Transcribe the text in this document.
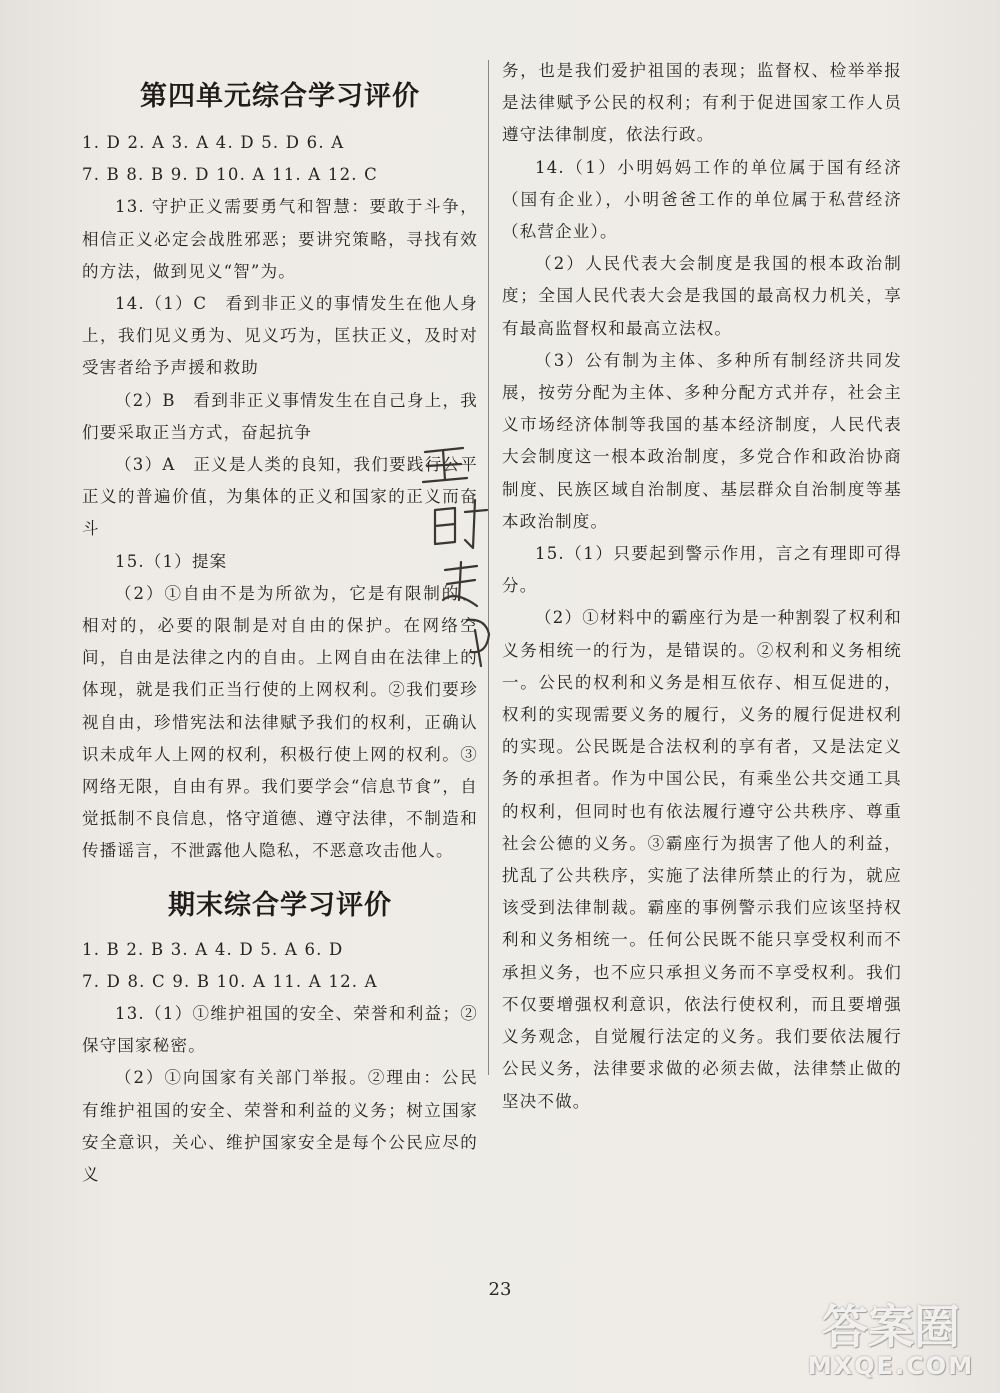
第四单元综合学习评价

1. D 2. A 3. A 4. D 5. D 6. A

7. B 8. B 9. D 10. A 11. A 12. C

13. 守护正义需要勇气和智慧：要敢于斗争，相信正义必定会战胜邪恶；要讲究策略，寻找有效的方法，做到见义“智”为。

14.（1）C　看到非正义的事情发生在他人身上，我们见义勇为、见义巧为，匡扶正义，及时对受害者给予声援和救助

（2）B　看到非正义事情发生在自己身上，我们要采取正当方式，奋起抗争

（3）A　正义是人类的良知，我们要践行公平正义的普遍价值，为集体的正义和国家的正义而奋斗

15.（1）提案

（2）①自由不是为所欲为，它是有限制的、相对的，必要的限制是对自由的保护。在网络空间，自由是法律之内的自由。上网自由在法律上的体现，就是我们正当行使的上网权利。②我们要珍视自由，珍惜宪法和法律赋予我们的权利，正确认识未成年人上网的权利，积极行使上网的权利。③网络无限，自由有界。我们要学会“信息节食”，自觉抵制不良信息，恪守道德、遵守法律，不制造和传播谣言，不泄露他人隐私，不恶意攻击他人。

期末综合学习评价

1. B 2. B 3. A 4. D 5. A 6. D

7. D 8. C 9. B 10. A 11. A 12. A

13.（1）①维护祖国的安全、荣誉和利益；②保守国家秘密。

（2）①向国家有关部门举报。②理由：公民有维护祖国的安全、荣誉和利益的义务；树立国家安全意识，关心、维护国家安全是每个公民应尽的义

务，也是我们爱护祖国的表现；监督权、检举举报是法律赋予公民的权利；有利于促进国家工作人员遵守法律制度，依法行政。

14.（1）小明妈妈工作的单位属于国有经济（国有企业），小明爸爸工作的单位属于私营经济（私营企业）。

（2）人民代表大会制度是我国的根本政治制度；全国人民代表大会是我国的最高权力机关，享有最高监督权和最高立法权。

（3）公有制为主体、多种所有制经济共同发展，按劳分配为主体、多种分配方式并存，社会主义市场经济体制等我国的基本经济制度，人民代表大会制度这一根本政治制度，多党合作和政治协商制度、民族区域自治制度、基层群众自治制度等基本政治制度。

15.（1）只要起到警示作用，言之有理即可得分。

（2）①材料中的霸座行为是一种割裂了权利和义务相统一的行为，是错误的。②权利和义务相统一。公民的权利和义务是相互依存、相互促进的，权利的实现需要义务的履行，义务的履行促进权利的实现。公民既是合法权利的享有者，又是法定义务的承担者。作为中国公民，有乘坐公共交通工具的权利，但同时也有依法履行遵守公共秩序、尊重社会公德的义务。③霸座行为损害了他人的利益，扰乱了公共秩序，实施了法律所禁止的行为，就应该受到法律制裁。霸座的事例警示我们应该坚持权利和义务相统一。任何公民既不能只享受权利而不承担义务，也不应只承担义务而不享受权利。我们不仅要增强权利意识，依法行使权利，而且要增强义务观念，自觉履行法定的义务。我们要依法履行公民义务，法律要求做的必须去做，法律禁止做的坚决不做。

23
答案圈
MXQE.COM
